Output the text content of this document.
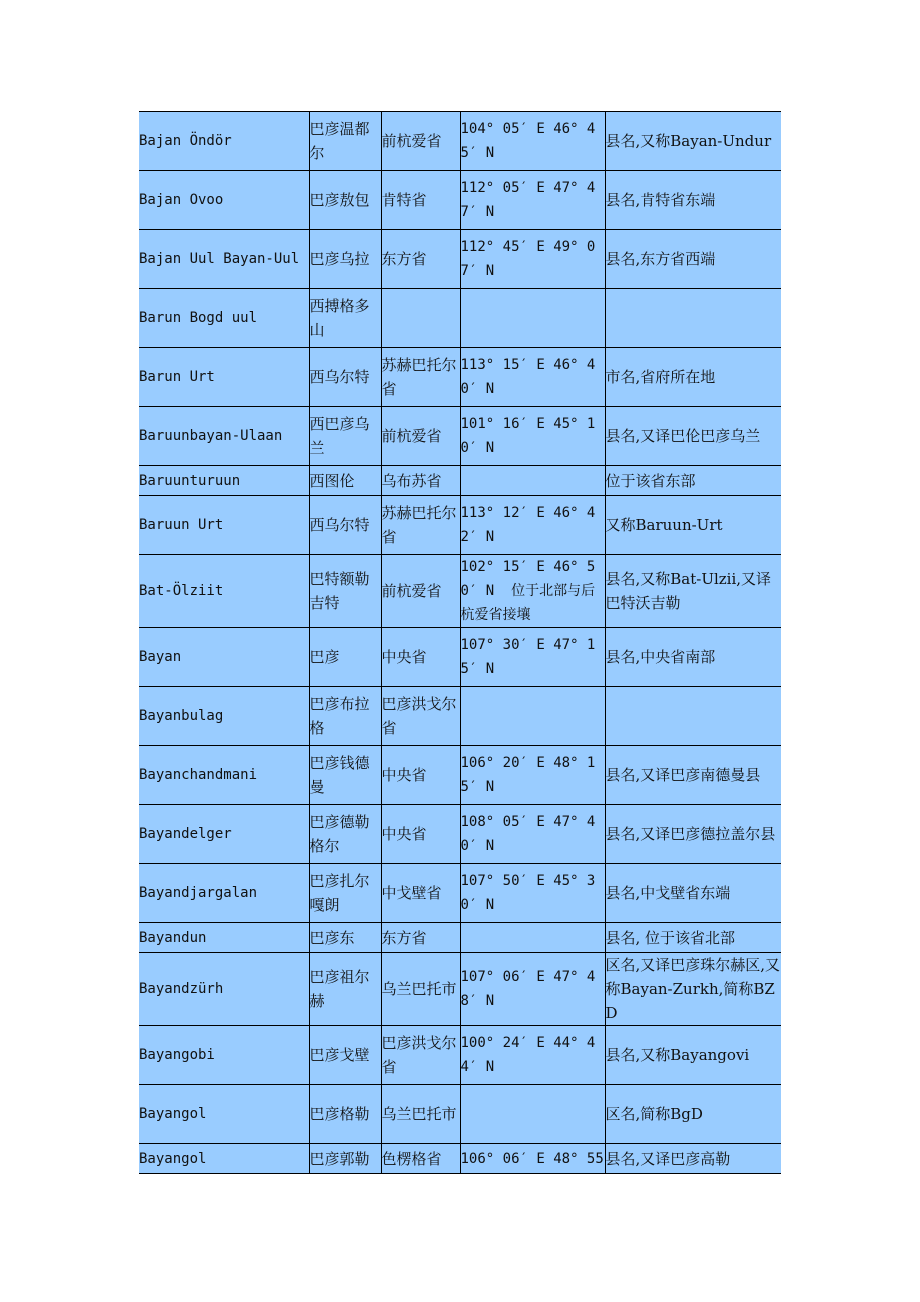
Bajan Öndör	巴彦温都尔	前杭爱省	104° 05′ E 46° 45′ N	县名,又称Bayan-Undur
Bajan Ovoo	巴彦敖包	肯特省	112° 05′ E 47° 47′ N	县名,肯特省东端
Bajan Uul Bayan-Uul	巴彦乌拉	东方省	112° 45′ E 49° 07′ N	县名,东方省西端
Barun Bogd uul	西搏格多山			
Barun Urt	西乌尔特	苏赫巴托尔省	113° 15′ E 46° 40′ N	市名,省府所在地
Baruunbayan-Ulaan	西巴彦乌兰	前杭爱省	101° 16′ E 45° 10′ N	县名,又译巴伦巴彦乌兰
Baruunturuun	西图伦	乌布苏省		位于该省东部
Baruun Urt	西乌尔特	苏赫巴托尔省	113° 12′ E 46° 42′ N	又称Baruun-Urt
Bat-Ölziit	巴特额勒吉特	前杭爱省	102° 15′ E 46° 50′ N  位于北部与后杭爱省接壤	县名,又称Bat-Ulzii,又译巴特沃吉勒
Bayan	巴彦	中央省	107° 30′ E 47° 15′ N	县名,中央省南部
Bayanbulag	巴彦布拉格	巴彦洪戈尔省		
Bayanchandmani	巴彦钱德曼	中央省	106° 20′ E 48° 15′ N	县名,又译巴彦南德曼县
Bayandelger	巴彦德勒格尔	中央省	108° 05′ E 47° 40′ N	县名,又译巴彦德拉盖尔县
Bayandjargalan	巴彦扎尔嘎朗	中戈壁省	107° 50′ E 45° 30′ N	县名,中戈壁省东端
Bayandun	巴彦东	东方省		县名, 位于该省北部
Bayandzürh	巴彦祖尔赫	乌兰巴托市	107° 06′ E 47° 48′ N	区名,又译巴彦珠尔赫区,又称Bayan-Zurkh,简称BZD
Bayangobi	巴彦戈壁	巴彦洪戈尔省	100° 24′ E 44° 44′ N	县名,又称Bayangovi
Bayangol	巴彦格勒	乌兰巴托市		区名,简称BgD
Bayangol	巴彦郭勒	色楞格省	106° 06′ E 48° 55	县名,又译巴彦高勒
